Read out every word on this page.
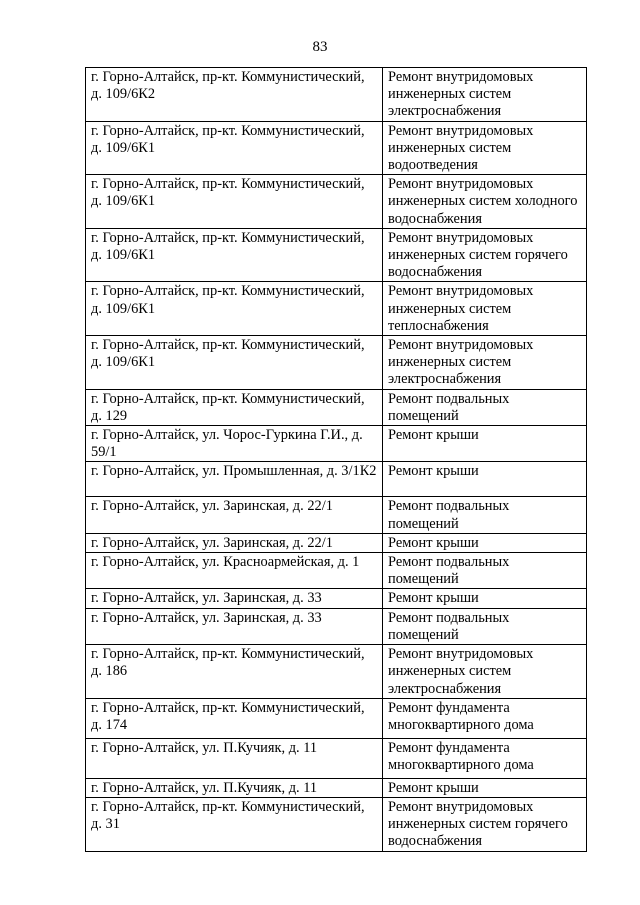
83
г. Горно-Алтайск, пр-кт. Коммунистический, д. 109/6К2	Ремонт внутридомовых инженерных систем электроснабжения
г. Горно-Алтайск, пр-кт. Коммунистический, д. 109/6К1	Ремонт внутридомовых инженерных систем водоотведения
г. Горно-Алтайск, пр-кт. Коммунистический, д. 109/6К1	Ремонт внутридомовых инженерных систем холодного водоснабжения
г. Горно-Алтайск, пр-кт. Коммунистический, д. 109/6К1	Ремонт внутридомовых инженерных систем горячего водоснабжения
г. Горно-Алтайск, пр-кт. Коммунистический, д. 109/6К1	Ремонт внутридомовых инженерных систем теплоснабжения
г. Горно-Алтайск, пр-кт. Коммунистический, д. 109/6К1	Ремонт внутридомовых инженерных систем электроснабжения
г. Горно-Алтайск, пр-кт. Коммунистический, д. 129	Ремонт подвальных помещений
г. Горно-Алтайск, ул. Чорос-Гуркина Г.И., д. 59/1	Ремонт крыши
г. Горно-Алтайск, ул. Промышленная, д. 3/1К2	Ремонт крыши
г. Горно-Алтайск, ул. Заринская, д. 22/1	Ремонт подвальных помещений
г. Горно-Алтайск, ул. Заринская, д. 22/1	Ремонт крыши
г. Горно-Алтайск, ул. Красноармейская, д. 1	Ремонт подвальных помещений
г. Горно-Алтайск, ул. Заринская, д. 33	Ремонт крыши
г. Горно-Алтайск, ул. Заринская, д. 33	Ремонт подвальных помещений
г. Горно-Алтайск, пр-кт. Коммунистический, д. 186	Ремонт внутридомовых инженерных систем электроснабжения
г. Горно-Алтайск, пр-кт. Коммунистический, д. 174	Ремонт фундамента многоквартирного дома
г. Горно-Алтайск, ул. П.Кучияк, д. 11	Ремонт фундамента многоквартирного дома
г. Горно-Алтайск, ул. П.Кучияк, д. 11	Ремонт крыши
г. Горно-Алтайск, пр-кт. Коммунистический, д. 31	Ремонт внутридомовых инженерных систем горячего водоснабжения
